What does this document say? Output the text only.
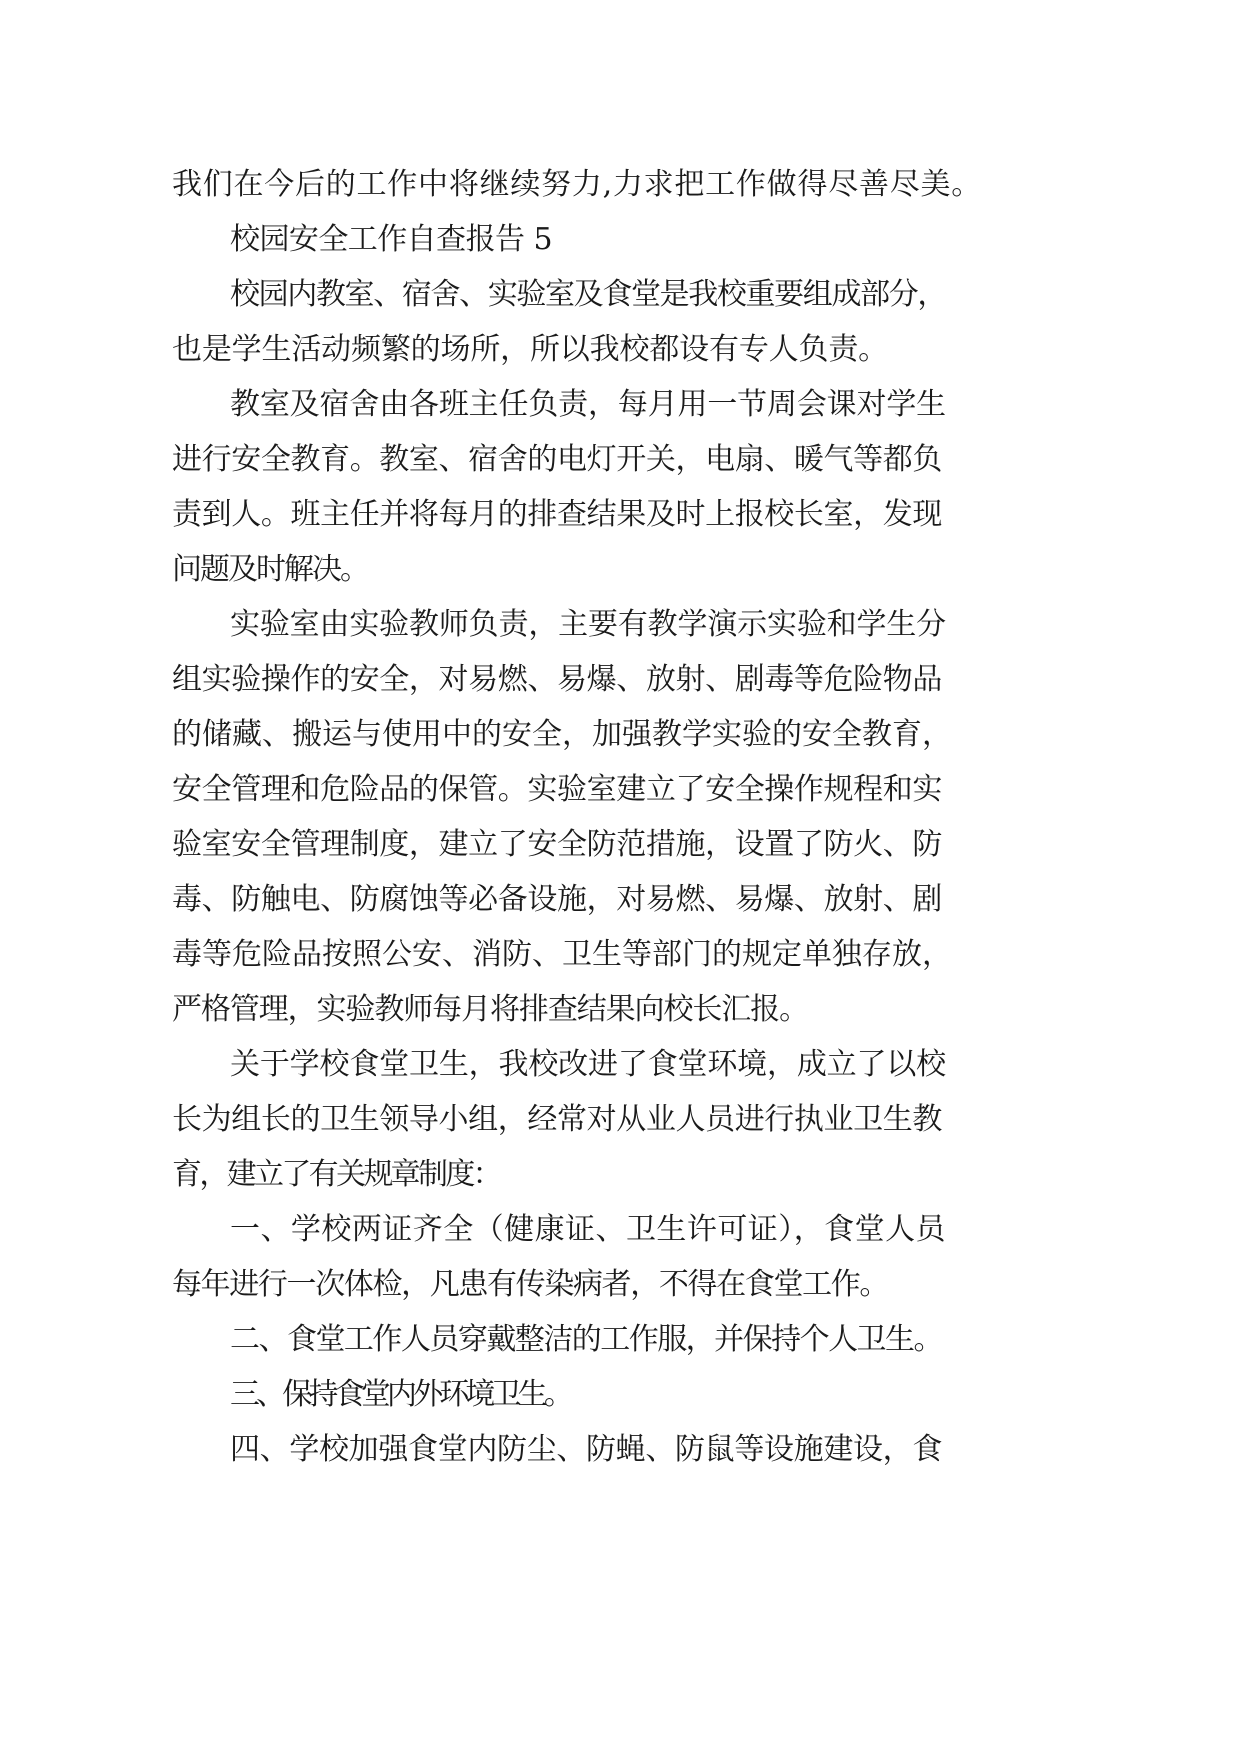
我们在今后的工作中将继续努力,力求把工作做得尽善尽美。
校园安全工作自查报告 5
校园内教室、宿舍、实验室及食堂是我校重要组成部分，
也是学生活动频繁的场所，所以我校都设有专人负责。
教室及宿舍由各班主任负责，每月用一节周会课对学生
进行安全教育。教室、宿舍的电灯开关，电扇、暖气等都负
责到人。班主任并将每月的排查结果及时上报校长室，发现
问题及时解决。
实验室由实验教师负责，主要有教学演示实验和学生分
组实验操作的安全，对易燃、易爆、放射、剧毒等危险物品
的储藏、搬运与使用中的安全，加强教学实验的安全教育，
安全管理和危险品的保管。实验室建立了安全操作规程和实
验室安全管理制度，建立了安全防范措施，设置了防火、防
毒、防触电、防腐蚀等必备设施，对易燃、易爆、放射、剧
毒等危险品按照公安、消防、卫生等部门的规定单独存放，
严格管理，实验教师每月将排查结果向校长汇报。
关于学校食堂卫生，我校改进了食堂环境，成立了以校
长为组长的卫生领导小组，经常对从业人员进行执业卫生教
育，建立了有关规章制度：
一、学校两证齐全（健康证、卫生许可证），食堂人员
每年进行一次体检，凡患有传染病者，不得在食堂工作。
二、食堂工作人员穿戴整洁的工作服，并保持个人卫生。
三、保持食堂内外环境卫生。
四、学校加强食堂内防尘、防蝇、防鼠等设施建设，食
